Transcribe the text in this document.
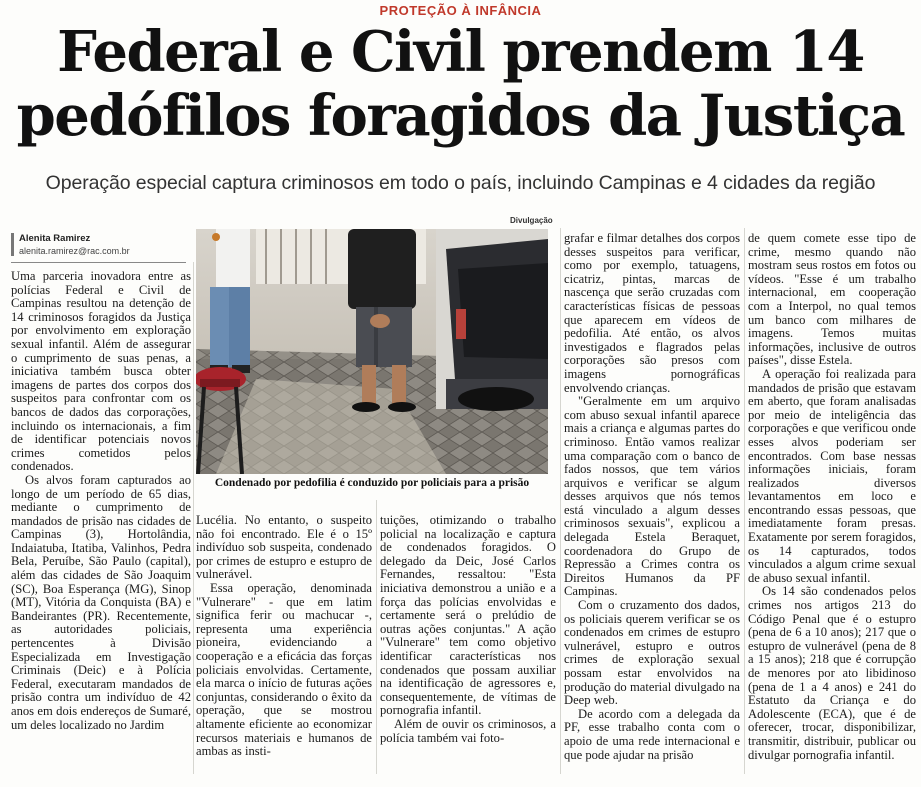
PROTEÇÃO À INFÂNCIA
Federal e Civil prendem 14
pedófilos foragidos da Justiça
Operação especial captura criminosos em todo o país, incluindo Campinas e 4 cidades da região
Alenita Ramirez
alenita.ramirez@rac.com.br
Divulgação
Condenado por pedofilia é conduzido por policiais para a prisão

Uma parceria inovadora entre as polícias Federal e Civil de Campinas resultou na detenção de 14 criminosos foragidos da Justiça por envolvimento em exploração sexual infantil. Além de assegurar o cumprimento de suas penas, a iniciativa também busca obter imagens de partes dos corpos dos suspeitos para confrontar com os bancos de dados das corporações, incluindo os internacionais, a fim de identificar potenciais novos crimes cometidos pelos condenados.

Os alvos foram capturados ao longo de um período de 65 dias, mediante o cumprimento de mandados de prisão nas cidades de Campinas (3), Hortolândia, Indaiatuba, Itatiba, Valinhos, Pedra Bela, Peruíbe, São Paulo (capital), além das cidades de São Joaquim (SC), Boa Esperança (MG), Sinop (MT), Vitória da Conquista (BA) e Bandeirantes (PR). Recentemente, as autoridades policiais, pertencentes à Divisão Especializada em Investigação Criminais (Deic) e à Polícia Federal, executaram mandados de prisão contra um indivíduo de 42 anos em dois endereços de Sumaré, um deles localizado no Jardim

Lucélia. No entanto, o suspeito não foi encontrado. Ele é o 15º indivíduo sob suspeita, condenado por crimes de estupro e estupro de vulnerável.

Essa operação, denominada "Vulnerare" - que em latim significa ferir ou machucar -, representa uma experiência pioneira, evidenciando a cooperação e a eficácia das forças policiais envolvidas. Certamente, ela marca o início de futuras ações conjuntas, considerando o êxito da operação, que se mostrou altamente eficiente ao economizar recursos materiais e humanos de ambas as insti-

tuições, otimizando o trabalho policial na localização e captura de condenados foragidos. O delegado da Deic, José Carlos Fernandes, ressaltou: "Esta iniciativa demonstrou a união e a força das polícias envolvidas e certamente será o prelúdio de outras ações conjuntas." A ação "Vulnerare" tem como objetivo identificar características nos condenados que possam auxiliar na identificação de agressores e, consequentemente, de vítimas de pornografia infantil.

Além de ouvir os criminosos, a polícia também vai foto-

grafar e filmar detalhes dos corpos desses suspeitos para verificar, como por exemplo, tatuagens, cicatriz, pintas, marcas de nascença que serão cruzadas com características físicas de pessoas que aparecem em vídeos de pedofilia. Até então, os alvos investigados e flagrados pelas corporações são presos com imagens pornográficas envolvendo crianças.

"Geralmente em um arquivo com abuso sexual infantil aparece mais a criança e algumas partes do criminoso. Então vamos realizar uma comparação com o banco de fados nossos, que tem vários arquivos e verificar se algum desses arquivos que nós temos está vinculado a algum desses criminosos sexuais", explicou a delegada Estela Beraquet, coordenadora do Grupo de Repressão a Crimes contra os Direitos Humanos da PF Campinas.

Com o cruzamento dos dados, os policiais querem verificar se os condenados em crimes de estupro vulnerável, estupro e outros crimes de exploração sexual possam estar envolvidos na produção do material divulgado na Deep web.

De acordo com a delegada da PF, esse trabalho conta com o apoio de uma rede internacional e que pode ajudar na prisão

de quem comete esse tipo de crime, mesmo quando não mostram seus rostos em fotos ou vídeos. "Esse é um trabalho internacional, em cooperação com a Interpol, no qual temos um banco com milhares de imagens. Temos muitas informações, inclusive de outros países", disse Estela.

A operação foi realizada para mandados de prisão que estavam em aberto, que foram analisadas por meio de inteligência das corporações e que verificou onde esses alvos poderiam ser encontrados. Com base nessas informações iniciais, foram realizados diversos levantamentos em loco e encontrando essas pessoas, que imediatamente foram presas. Exatamente por serem foragidos, os 14 capturados, todos vinculados a algum crime sexual de abuso sexual infantil.

Os 14 são condenados pelos crimes nos artigos 213 do Código Penal que é o estupro (pena de 6 a 10 anos); 217 que o estupro de vulnerável (pena de 8 a 15 anos); 218 que é corrupção de menores por ato libidinoso (pena de 1 a 4 anos) e 241 do Estatuto da Criança e do Adolescente (ECA), que é de oferecer, trocar, disponibilizar, transmitir, distribuir, publicar ou divulgar pornografia infantil.
